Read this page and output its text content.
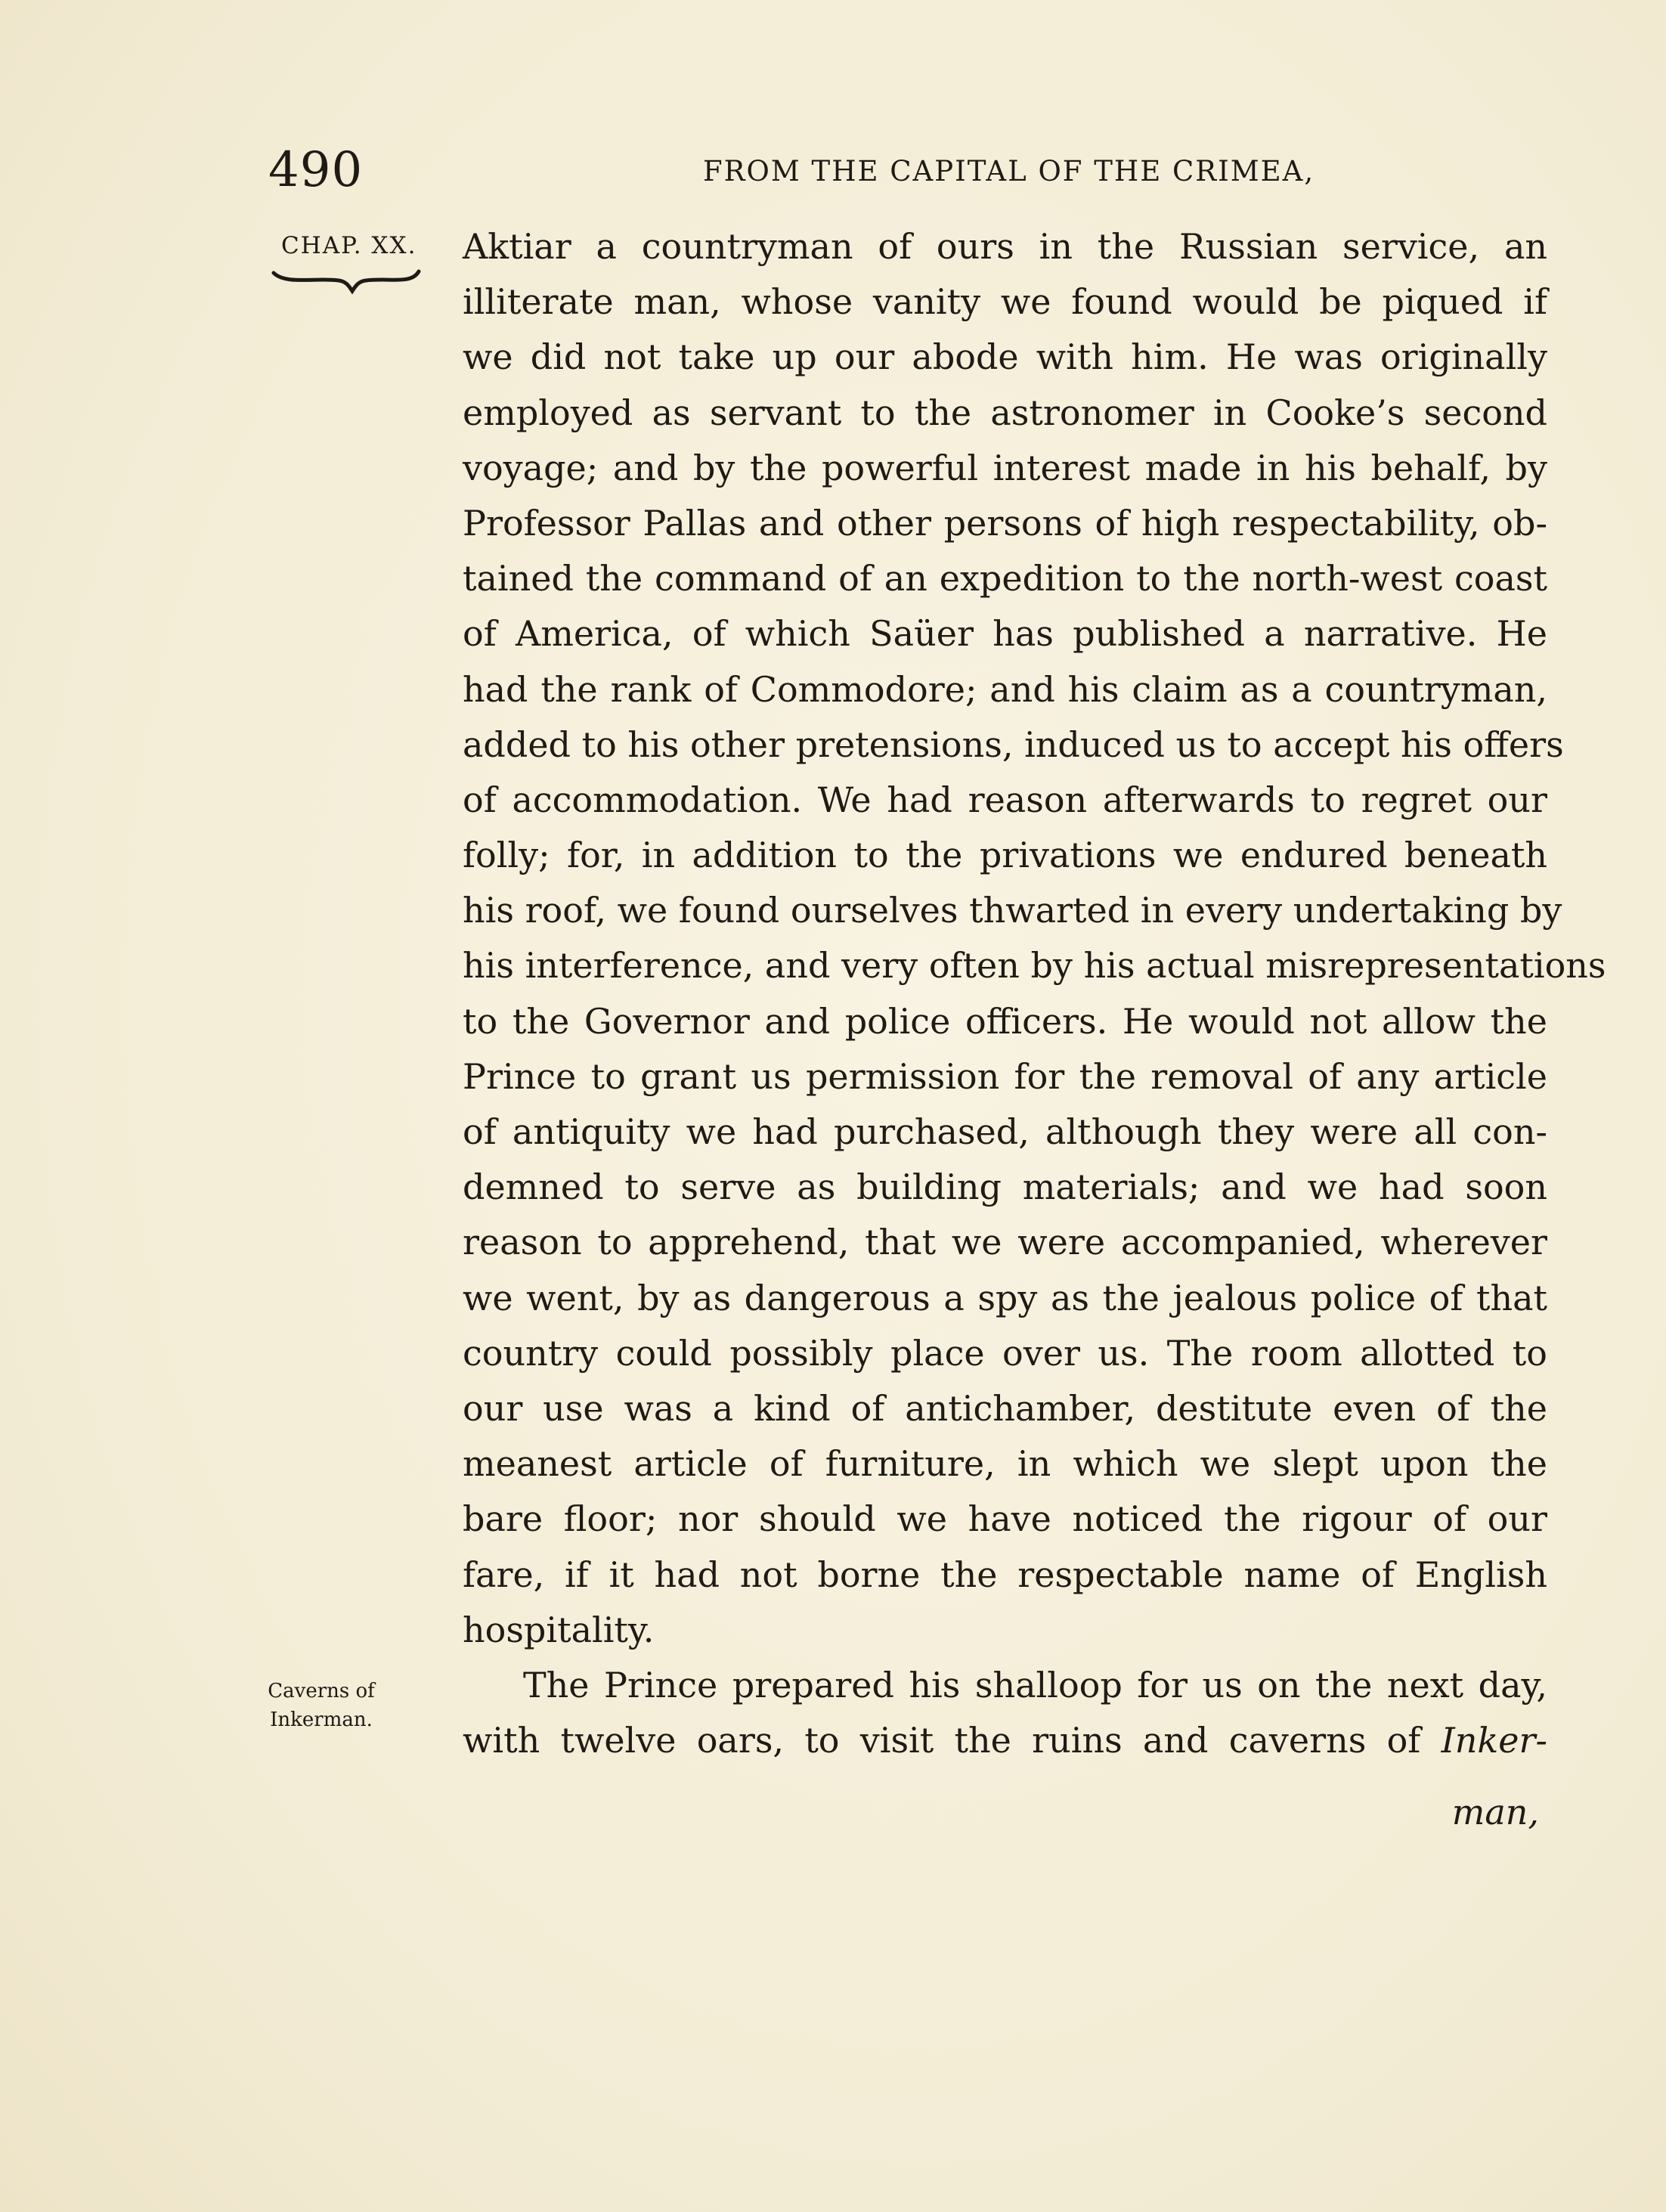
490	FROM THE CAPITAL OF THE CRIMEA,
CHAP. XX. Aktiar a countryman of ours in the Russian service, an
illiterate man, whose vanity we found would be piqued if
we did not take up our abode with him. He was originally
employed as servant to the astronomer in Cooke’s second
voyage; and by the powerful interest made in his behalf, by
Professor Pallas and other persons of high respectability, ob-
tained the command of an expedition to the north-west coast
of America, of which Saüer has published a narrative. He
had the rank of Commodore; and his claim as a countryman,
added to his other pretensions, induced us to accept his offers
of accommodation. We had reason afterwards to regret our
folly; for, in addition to the privations we endured beneath
his roof, we found ourselves thwarted in every undertaking by
his interference, and very often by his actual misrepresentations
to the Governor and police officers. He would not allow the
Prince to grant us permission for the removal of any article
of antiquity we had purchased, although they were all con-
demned to serve as building materials; and we had soon
reason to apprehend, that we were accompanied, wherever
we went, by as dangerous a spy as the jealous police of that
country could possibly place over us. The room allotted to
our use was a kind of antichamber, destitute even of the
meanest article of furniture, in which we slept upon the
bare floor; nor should we have noticed the rigour of our
fare, if it had not borne the respectable name of English
hospitality.
The Prince prepared his shalloop for us on the next day,
with twelve oars, to visit the ruins and caverns of Inker-
Caverns of
Inkerman.
man,
